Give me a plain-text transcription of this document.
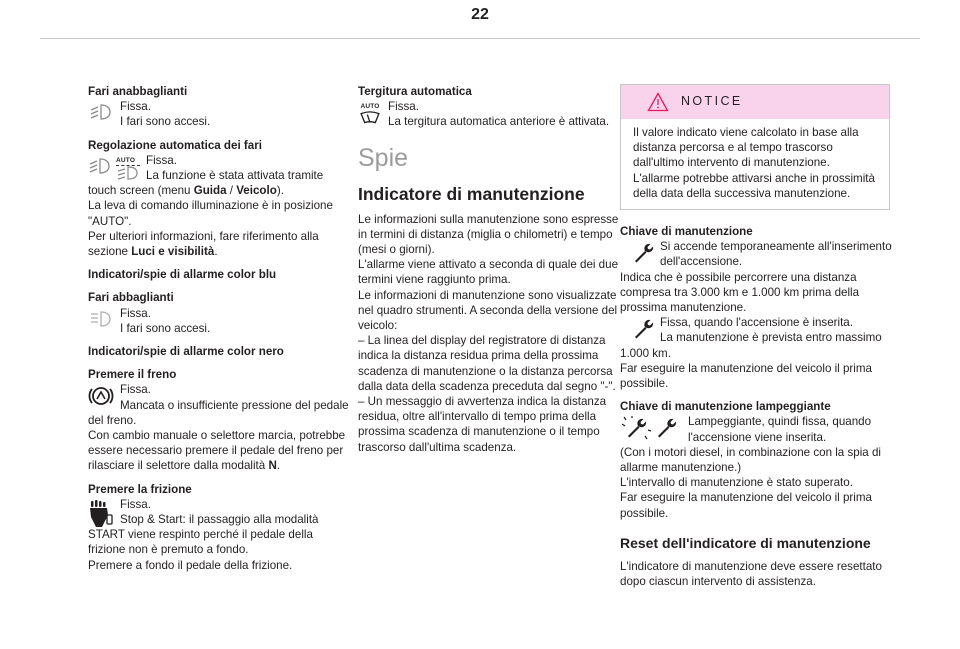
22

Fari anabbaglianti

Fissa.

I fari sono accesi.

Regolazione automatica dei fari

AUTO Fissa.

La funzione è stata attivata tramite touch screen (menu Guida / Veicolo).

La leva di comando illuminazione è in posizione "AUTO".

Per ulteriori informazioni, fare riferimento alla sezione Luci e visibilità.

Indicatori/spie di allarme color blu

Fari abbaglianti

Fissa.

I fari sono accesi.

Indicatori/spie di allarme color nero

Premere il freno

Fissa.

Mancata o insufficiente pressione del pedale del freno.

Con cambio manuale o selettore marcia, potrebbe essere necessario premere il pedale del freno per rilasciare il selettore dalla modalità N.

Premere la frizione

Fissa.

Stop & Start: il passaggio alla modalità START viene respinto perché il pedale della frizione non è premuto a fondo.

Premere a fondo il pedale della frizione.

Tergitura automatica

AUTO Fissa.

La tergitura automatica anteriore è attivata.

Spie
Indicatore di manutenzione

Le informazioni sulla manutenzione sono espresse in termini di distanza (miglia o chilometri) e tempo (mesi o giorni).

L'allarme viene attivato a seconda di quale dei due termini viene raggiunto prima.

Le informazioni di manutenzione sono visualizzate nel quadro strumenti. A seconda della versione del veicolo:

– La linea del display del registratore di distanza indica la distanza residua prima della prossima scadenza di manutenzione o la distanza percorsa dalla data della scadenza preceduta dal segno "-".

– Un messaggio di avvertenza indica la distanza residua, oltre all'intervallo di tempo prima della prossima scadenza di manutenzione o il tempo trascorso dall'ultima scadenza.

NOTICE
Il valore indicato viene calcolato in base alla distanza percorsa e al tempo trascorso dall'ultimo intervento di manutenzione. L'allarme potrebbe attivarsi anche in prossimità della data della successiva manutenzione.

Chiave di manutenzione

Si accende temporaneamente all'inserimento dell'accensione.

Indica che è possibile percorrere una distanza compresa tra 3.000 km e 1.000 km prima della prossima manutenzione.

Fissa, quando l'accensione è inserita.

La manutenzione è prevista entro massimo 1.000 km.

Far eseguire la manutenzione del veicolo il prima possibile.

Chiave di manutenzione lampeggiante

Lampeggiante, quindi fissa, quando l'accensione viene inserita.

(Con i motori diesel, in combinazione con la spia di allarme manutenzione.)

L'intervallo di manutenzione è stato superato.

Far eseguire la manutenzione del veicolo il prima possibile.

Reset dell'indicatore di manutenzione

L'indicatore di manutenzione deve essere resettato dopo ciascun intervento di assistenza.
